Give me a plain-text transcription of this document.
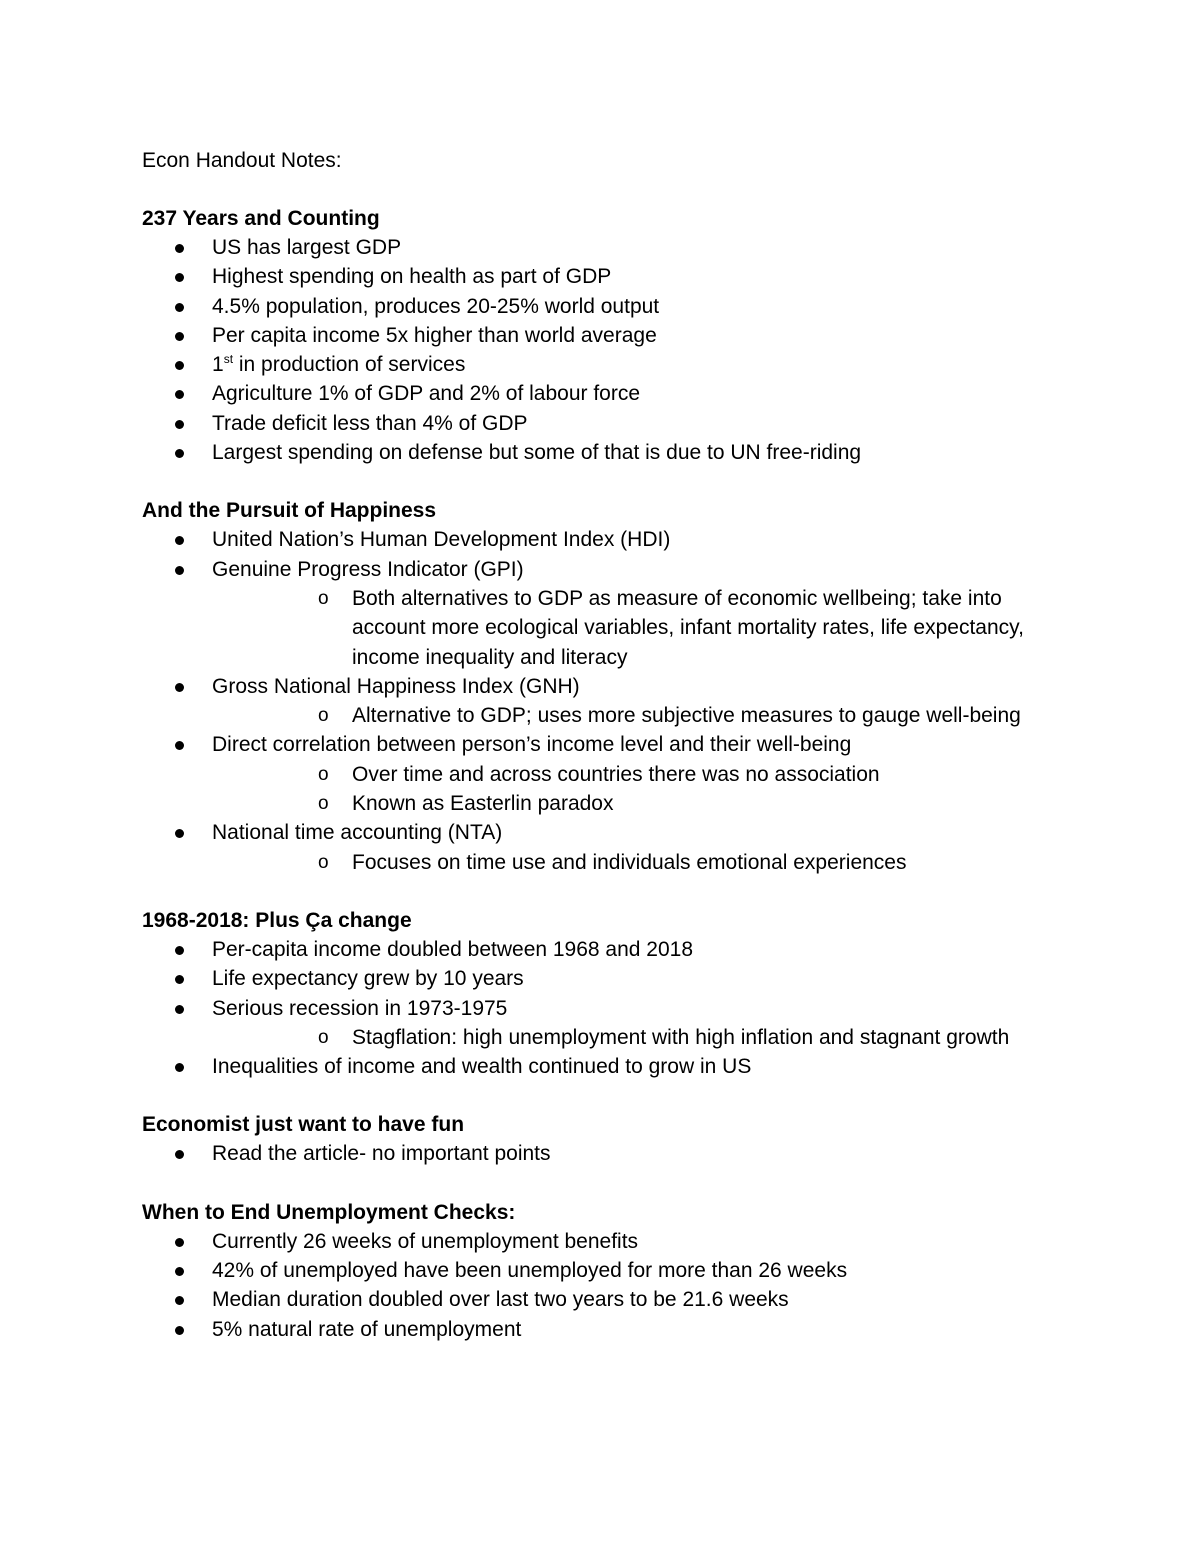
Econ Handout Notes:

237 Years and Counting

US has largest GDP
Highest spending on health as part of GDP
4.5% population, produces 20-25% world output
Per capita income 5x higher than world average
1st in production of services
Agriculture 1% of GDP and 2% of labour force
Trade deficit less than 4% of GDP
Largest spending on defense but some of that is due to UN free-riding

And the Pursuit of Happiness

United Nation’s Human Development Index (HDI)
Genuine Progress Indicator (GPI)
o Both alternatives to GDP as measure of economic wellbeing; take into account more ecological variables, infant mortality rates, life expectancy, income inequality and literacy
Gross National Happiness Index (GNH)
o Alternative to GDP; uses more subjective measures to gauge well-being
Direct correlation between person’s income level and their well-being
o Over time and across countries there was no association
o Known as Easterlin paradox
National time accounting (NTA)
o Focuses on time use and individuals emotional experiences

1968-2018: Plus Ça change

Per-capita income doubled between 1968 and 2018
Life expectancy grew by 10 years
Serious recession in 1973-1975
o Stagflation: high unemployment with high inflation and stagnant growth
Inequalities of income and wealth continued to grow in US

Economist just want to have fun

Read the article- no important points

When to End Unemployment Checks:

Currently 26 weeks of unemployment benefits
42% of unemployed have been unemployed for more than 26 weeks
Median duration doubled over last two years to be 21.6 weeks
5% natural rate of unemployment
